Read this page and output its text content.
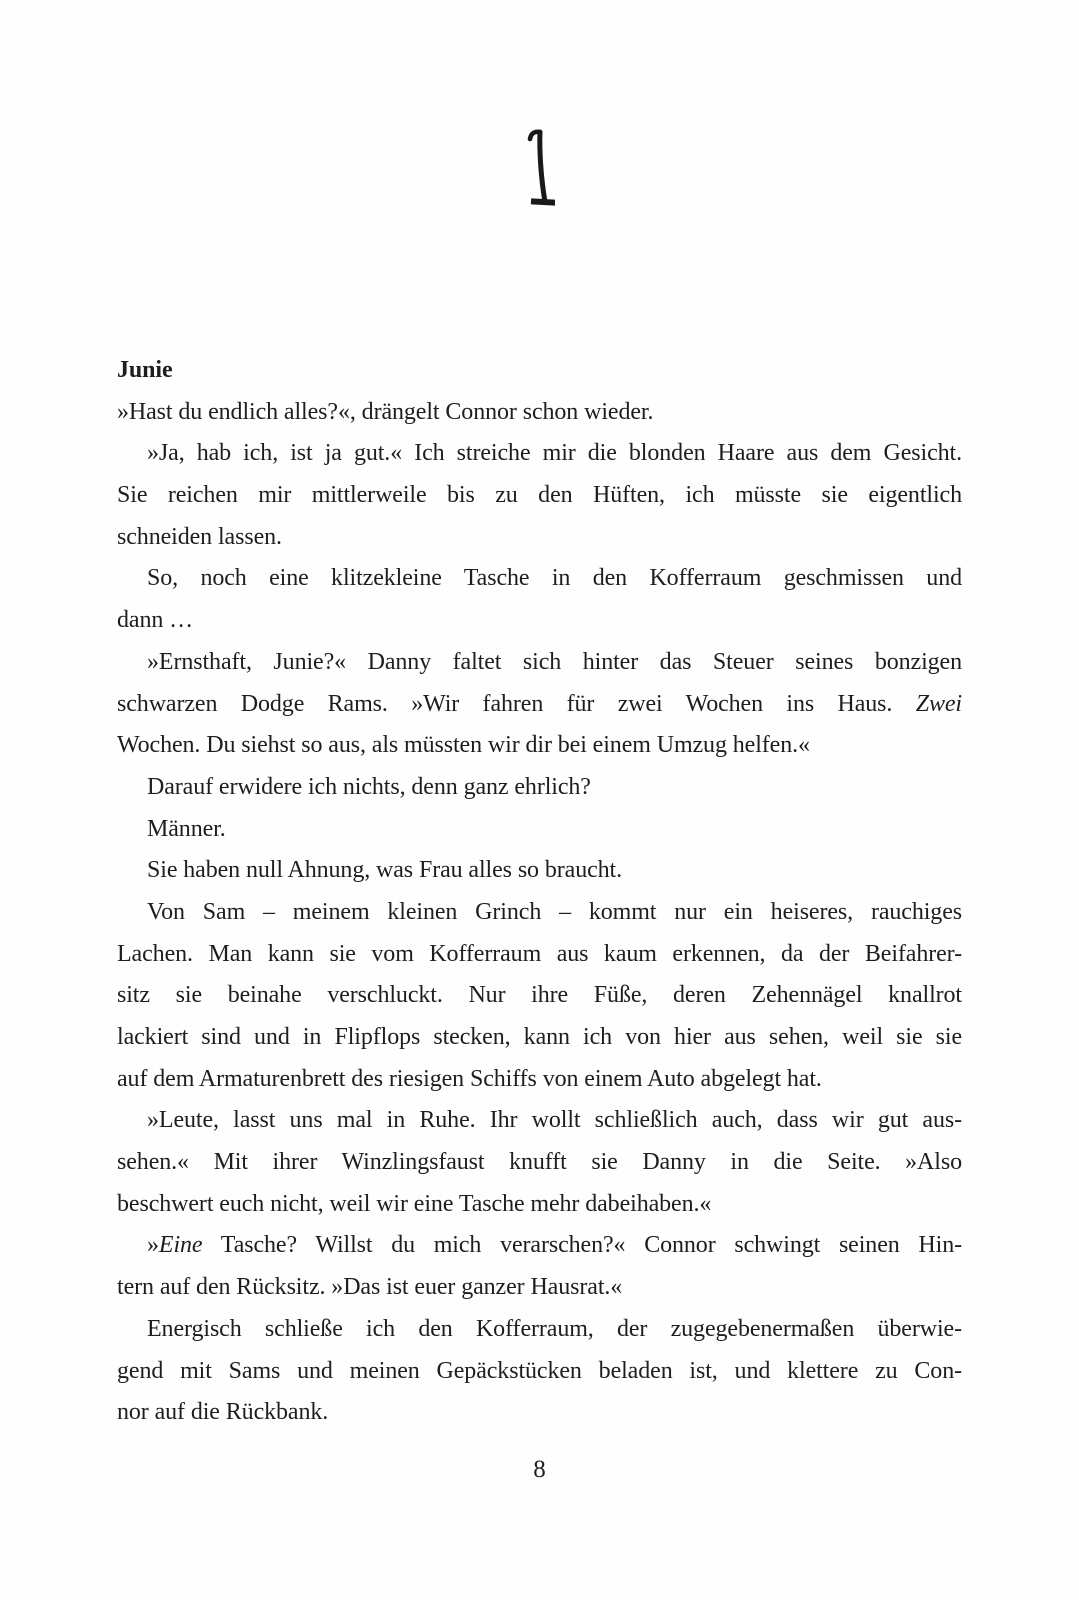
Junie
»Hast du endlich alles?«, drängelt Connor schon wieder.
»Ja, hab ich, ist ja gut.« Ich streiche mir die blonden Haare aus dem Gesicht.
Sie reichen mir mittlerweile bis zu den Hüften, ich müsste sie eigentlich
schneiden lassen.
So, noch eine klitzekleine Tasche in den Kofferraum geschmissen und
dann …
»Ernsthaft, Junie?« Danny faltet sich hinter das Steuer seines bonzigen
schwarzen Dodge Rams. »Wir fahren für zwei Wochen ins Haus. Zwei
Wochen. Du siehst so aus, als müssten wir dir bei einem Umzug helfen.«
Darauf erwidere ich nichts, denn ganz ehrlich?
Männer.
Sie haben null Ahnung, was Frau alles so braucht.
Von Sam – meinem kleinen Grinch – kommt nur ein heiseres, rauchiges
Lachen. Man kann sie vom Kofferraum aus kaum erkennen, da der Beifahrer-
sitz sie beinahe verschluckt. Nur ihre Füße, deren Zehennägel knallrot
lackiert sind und in Flipflops stecken, kann ich von hier aus sehen, weil sie sie
auf dem Armaturenbrett des riesigen Schiffs von einem Auto abgelegt hat.
»Leute, lasst uns mal in Ruhe. Ihr wollt schließlich auch, dass wir gut aus-
sehen.« Mit ihrer Winzlingsfaust knufft sie Danny in die Seite. »Also
beschwert euch nicht, weil wir eine Tasche mehr dabeihaben.«
»Eine Tasche? Willst du mich verarschen?« Connor schwingt seinen Hin-
tern auf den Rücksitz. »Das ist euer ganzer Hausrat.«
Energisch schließe ich den Kofferraum, der zugegebenermaßen überwie-
gend mit Sams und meinen Gepäckstücken beladen ist, und klettere zu Con-
nor auf die Rückbank.
8
